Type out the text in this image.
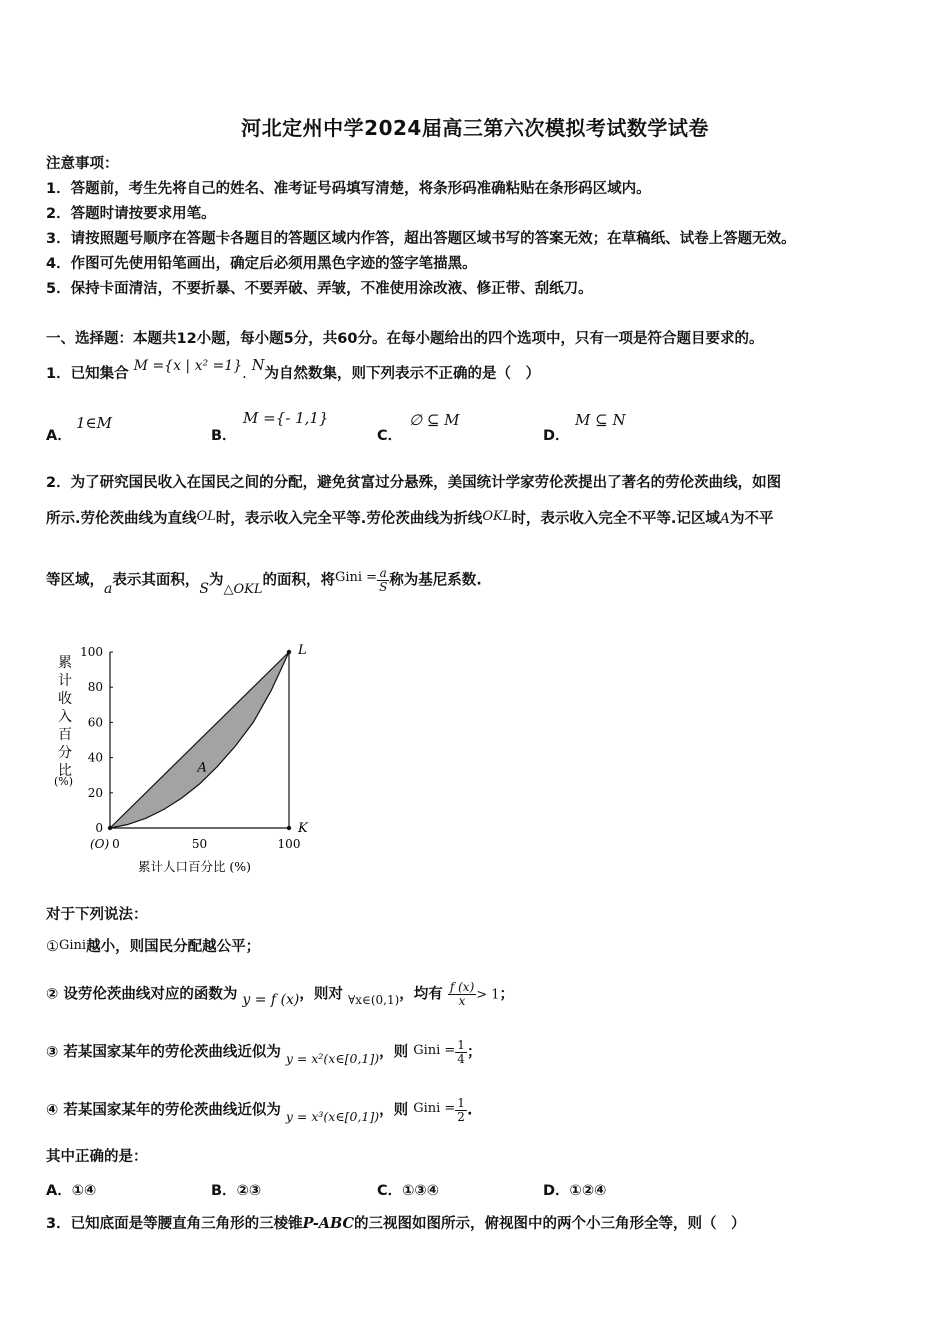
河北定州中学2024届高三第六次模拟考试数学试卷
注意事项：
1．答题前，考生先将自己的姓名、准考证号码填写清楚，将条形码准确粘贴在条形码区域内。
2．答题时请按要求用笔。
3．请按照题号顺序在答题卡各题目的答题区域内作答，超出答题区域书写的答案无效；在草稿纸、试卷上答题无效。
4．作图可先使用铅笔画出，确定后必须用黑色字迹的签字笔描黑。
5．保持卡面清洁，不要折暴、不要弄破、弄皱，不准使用涂改液、修正带、刮纸刀。
一、选择题：本题共12小题，每小题5分，共60分。在每小题给出的四个选项中，只有一项是符合题目要求的。
1．已知集合 M ={x | x² =1}. N为自然数集，则下列表示不正确的是（　）
A．
1∈M
B．
M ={- 1,1}
C．
∅ ⊆ M
D．
M ⊆ N
2．为了研究国民收入在国民之间的分配，避免贫富过分悬殊，美国统计学家劳伦茨提出了著名的劳伦茨曲线，如图
所示.劳伦茨曲线为直线OL时，表示收入完全平等.劳伦茨曲线为折线OKL时，表示收入完全不平等.记区域A为不平
等区域，a表示其面积，S为△OKL的面积，将Gini = $\frac{a}{S}$ 称为基尼系数.
0
20
40
60
80
100
0	50	100
L
K
A
(O)
累
计
收
入
百
分
比
(%)
累计人口百分比 (%)
对于下列说法：
①Gini越小，则国民分配越公平；
② 设劳伦茨曲线对应的函数为 y = f (x)，则对 $_{\forall x\in(0,1)}$，均有 $\frac{f (x)}{x} > 1$；
③ 若某国家某年的劳伦茨曲线近似为 y = x²(x∈[0,1])，则 Gini = $\frac{1}{4}$ ；
④ 若某国家某年的劳伦茨曲线近似为 y = x³(x∈[0,1])，则 Gini = $\frac{1}{2}$ .
其中正确的是：
A．①④	B．②③	C．①③④	D．①②④
3．已知底面是等腰直角三角形的三棱锥P-ABC的三视图如图所示，俯视图中的两个小三角形全等，则（　）
